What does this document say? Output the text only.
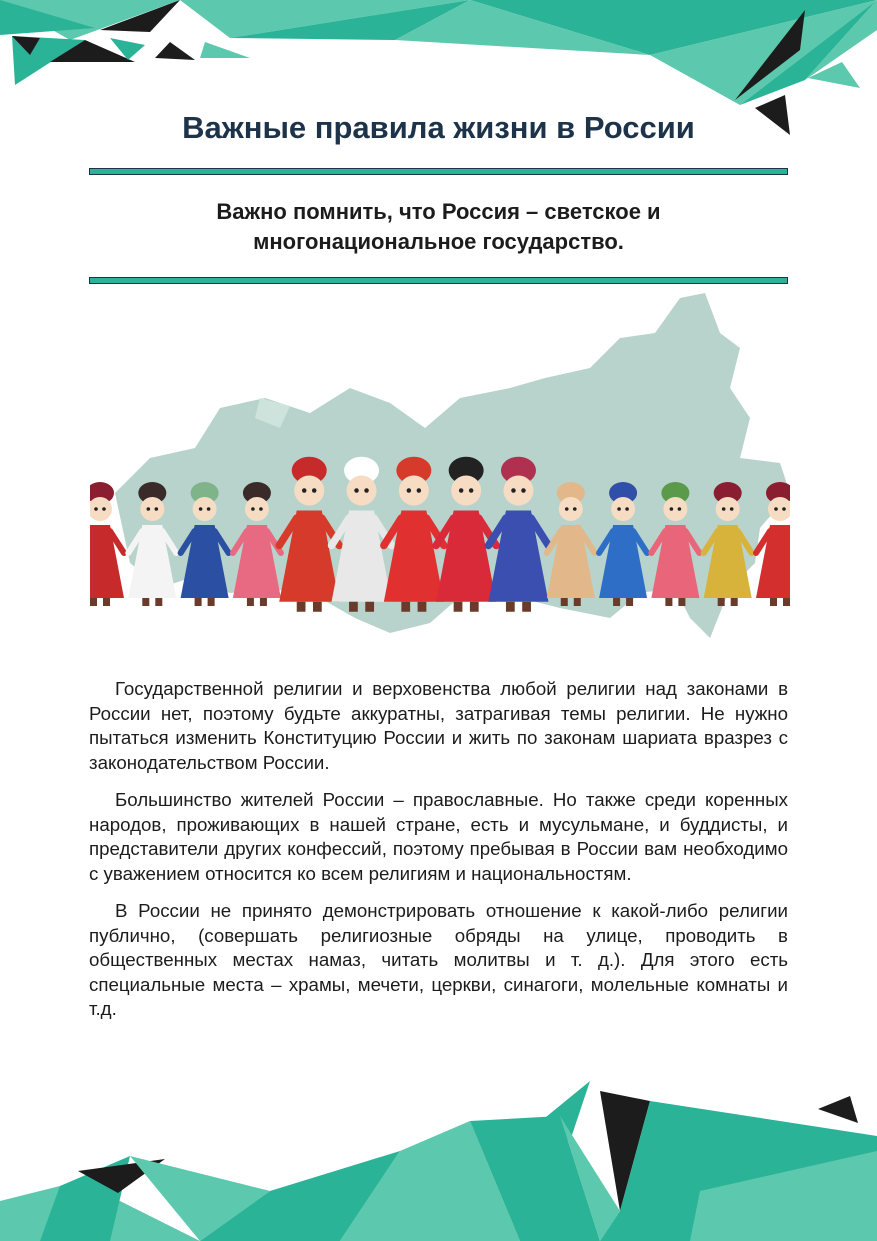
Важные правила жизни в России
Важно помнить, что Россия – светское и
многонациональное государство.

Государственной религии и верховенства любой религии над законами в России нет, поэтому будьте аккуратны, затрагивая темы религии. Не нужно пытаться изменить Конституцию России и жить по законам шариата вразрез с законодательством России.

Большинство жителей России – православные. Но также среди коренных народов, проживающих в нашей стране, есть и мусульмане, и буддисты, и представители других конфессий, поэтому пребывая в России вам необходимо с уважением относится ко всем религиям и национальностям.

В России не принято демонстрировать отношение к какой-либо религии публично, (совершать религиозные обряды на улице, проводить в общественных местах намаз, читать молитвы и т. д.). Для этого есть специальные места – храмы, мечети, церкви, синагоги, молельные комнаты и т.д.
